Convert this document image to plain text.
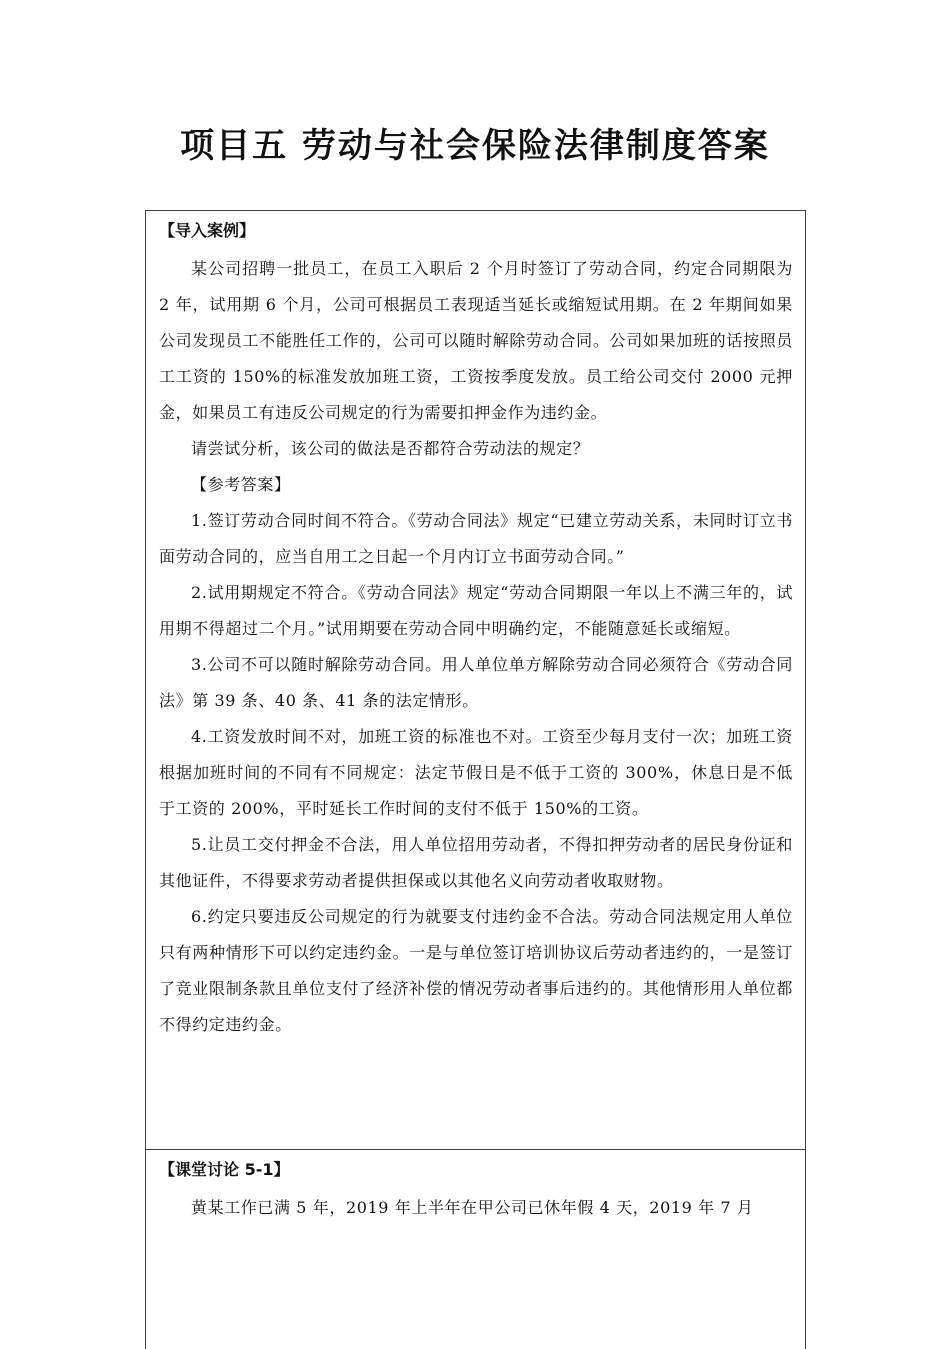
项目五 劳动与社会保险法律制度答案

【导入案例】

某公司招聘一批员工，在员工入职后 2 个月时签订了劳动合同，约定合同期限为 2 年，试用期 6 个月，公司可根据员工表现适当延长或缩短试用期。在 2 年期间如果公司发现员工不能胜任工作的，公司可以随时解除劳动合同。公司如果加班的话按照员工工资的 150%的标准发放加班工资，工资按季度发放。员工给公司交付 2000 元押金，如果员工有违反公司规定的行为需要扣押金作为违约金。

请尝试分析，该公司的做法是否都符合劳动法的规定？

【参考答案】

1.签订劳动合同时间不符合。《劳动合同法》规定“已建立劳动关系，未同时订立书面劳动合同的，应当自用工之日起一个月内订立书面劳动合同。”

2.试用期规定不符合。《劳动合同法》规定“劳动合同期限一年以上不满三年的，试用期不得超过二个月。”试用期要在劳动合同中明确约定，不能随意延长或缩短。

3.公司不可以随时解除劳动合同。用人单位单方解除劳动合同必须符合《劳动合同法》第 39 条、40 条、41 条的法定情形。

4.工资发放时间不对，加班工资的标准也不对。工资至少每月支付一次；加班工资根据加班时间的不同有不同规定：法定节假日是不低于工资的 300%，休息日是不低于工资的 200%，平时延长工作时间的支付不低于 150%的工资。

5.让员工交付押金不合法，用人单位招用劳动者，不得扣押劳动者的居民身份证和其他证件，不得要求劳动者提供担保或以其他名义向劳动者收取财物。

6.约定只要违反公司规定的行为就要支付违约金不合法。劳动合同法规定用人单位只有两种情形下可以约定违约金。一是与单位签订培训协议后劳动者违约的，一是签订了竞业限制条款且单位支付了经济补偿的情况劳动者事后违约的。其他情形用人单位都不得约定违约金。

【课堂讨论 5-1】

黄某工作已满 5 年，2019 年上半年在甲公司已休年假 4 天，2019 年 7 月
